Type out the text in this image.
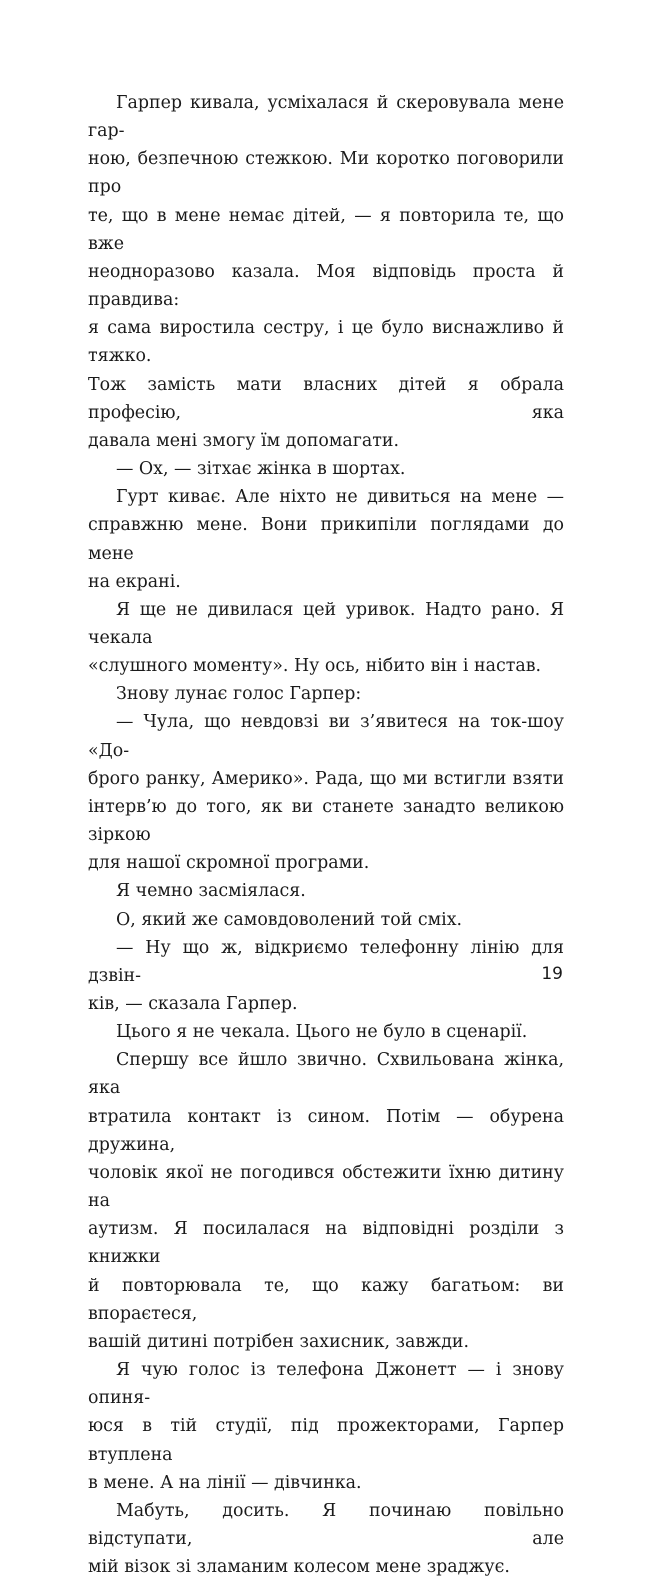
Гарпер кивала, усміхалася й скеровувала мене гар-
ною, безпечною стежкою. Ми коротко поговорили про
те, що в мене немає дітей, — я повторила те, що вже
неодноразово казала. Моя відповідь проста й правдива:
я сама виростила сестру, і це було виснажливо й тяжко.
Тож замість мати власних дітей я обрала професію, яка
давала мені змогу їм допомагати.
— Ох, — зітхає жінка в шортах.
Гурт киває. Але ніхто не дивиться на мене —
справжню мене. Вони прикипіли поглядами до мене
на екрані.
Я ще не дивилася цей уривок. Надто рано. Я чекала
«слушного моменту». Ну ось, нібито він і настав.
Знову лунає голос Гарпер:
— Чула, що невдовзі ви з’явитеся на ток-шоу «До-
брого ранку, Америко». Рада, що ми встигли взяти
інтерв’ю до того, як ви станете занадто великою зіркою
для нашої скромної програми.
Я чемно засміялася.
О, який же самовдоволений той сміх.
— Ну що ж, відкриємо телефонну лінію для дзвін-
ків, — сказала Гарпер.
Цього я не чекала. Цього не було в сценарії.
Спершу все йшло звично. Схвильована жінка, яка
втратила контакт із сином. Потім — обурена дружина,
чоловік якої не погодився обстежити їхню дитину на
аутизм. Я посилалася на відповідні розділи з книжки
й повторювала те, що кажу багатьом: ви впораєтеся,
вашій дитині потрібен захисник, завжди.
Я чую голос із телефона Джонетт — і знову опиня-
юся в тій студії, під прожекторами, Гарпер втуплена
в мене. А на лінії — дівчинка.
Мабуть, досить. Я починаю повільно відступати, але
мій візок зі зламаним колесом мене зраджує.
19
